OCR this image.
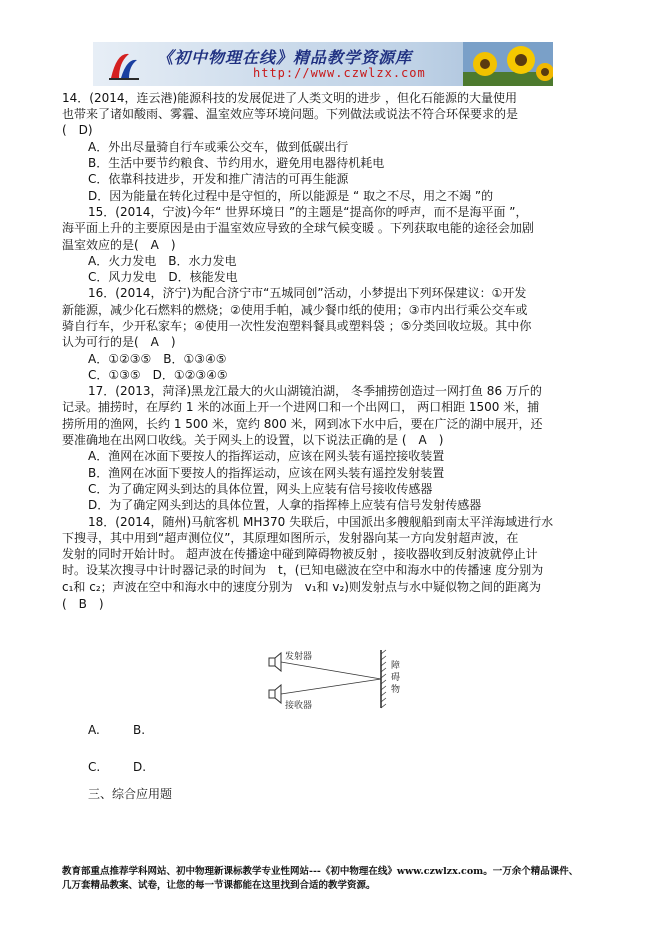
《初中物理在线》精品教学资源库
http://www.czwlzx.com
14．(2014，连云港)能源科技的发展促进了人类文明的进步 ，但化石能源的大量使用
也带来了诸如酸雨、雾霾、温室效应等环境问题。下列做法或说法不符合环保要求的是
(　D)
A．外出尽量骑自行车或乘公交车，做到低碳出行
B．生活中要节约粮食、节约用水，避免用电器待机耗电
C．依靠科技进步，开发和推广清洁的可再生能源
D．因为能量在转化过程中是守恒的，所以能源是 “ 取之不尽，用之不竭 ”的
15．(2014，宁波)今年“ 世界环境日 ”的主题是“提高你的呼声，而不是海平面 ”，
海平面上升的主要原因是由于温室效应导致的全球气候变暖 。下列获取电能的途径会加剧
温室效应的是(　A　)
A．火力发电　B．水力发电
C．风力发电　D．核能发电
16．(2014，济宁)为配合济宁市“五城同创”活动，小梦提出下列环保建议：①开发
新能源，减少化石燃料的燃烧；②使用手帕，减少餐巾纸的使用；③市内出行乘公交车或
骑自行车，少开私家车；④使用一次性发泡塑料餐具或塑料袋 ；⑤分类回收垃圾。其中你
认为可行的是(　A　)
A．①②③⑤　B．①③④⑤
C．①③⑤　D．①②③④⑤
17．(2013，菏泽)黑龙江最大的火山湖镜泊湖， 冬季捕捞创造过一网打鱼 86 万斤的
记录。捕捞时，在厚约 1 米的冰面上开一个进网口和一个出网口， 两口相距 1500 米，捕
捞所用的渔网，长约 1 500 米，宽约 800 米，网到冰下水中后，要在广泛的湖中展开，还
要准确地在出网口收线。关于网头上的设置，以下说法正确的是 (　A　)
A．渔网在冰面下要按人的指挥运动，应该在网头装有遥控接收装置
B．渔网在冰面下要按人的指挥运动，应该在网头装有遥控发射装置
C．为了确定网头到达的具体位置，网头上应装有信号接收传感器
D．为了确定网头到达的具体位置，人拿的指挥棒上应装有信号发射传感器
18．(2014，随州)马航客机 MH370 失联后，中国派出多艘舰船到南太平洋海域进行水
下搜寻，其中用到“超声测位仪”，其原理如图所示，发射器向某一方向发射超声波，在
发射的同时开始计时。 超声波在传播途中碰到障碍物被反射 ，接收器收到反射波就停止计
时。设某次搜寻中计时器记录的时间为　t，(已知电磁波在空中和海水中的传播速 度分别为
c₁和 c₂；声波在空中和海水中的速度分别为　v₁和 v₂)则发射点与水中疑似物之间的距离为
(　B　)
发射器
接收器
障
碍
物
A.	B.
C.	D.
三、综合应用题
教育部重点推荐学科网站、初中物理新课标教学专业性网站---《初中物理在线》www.czwlzx.com。一万余个精品课件、
几万套精品教案、试卷，让您的每一节课都能在这里找到合适的教学资源。
